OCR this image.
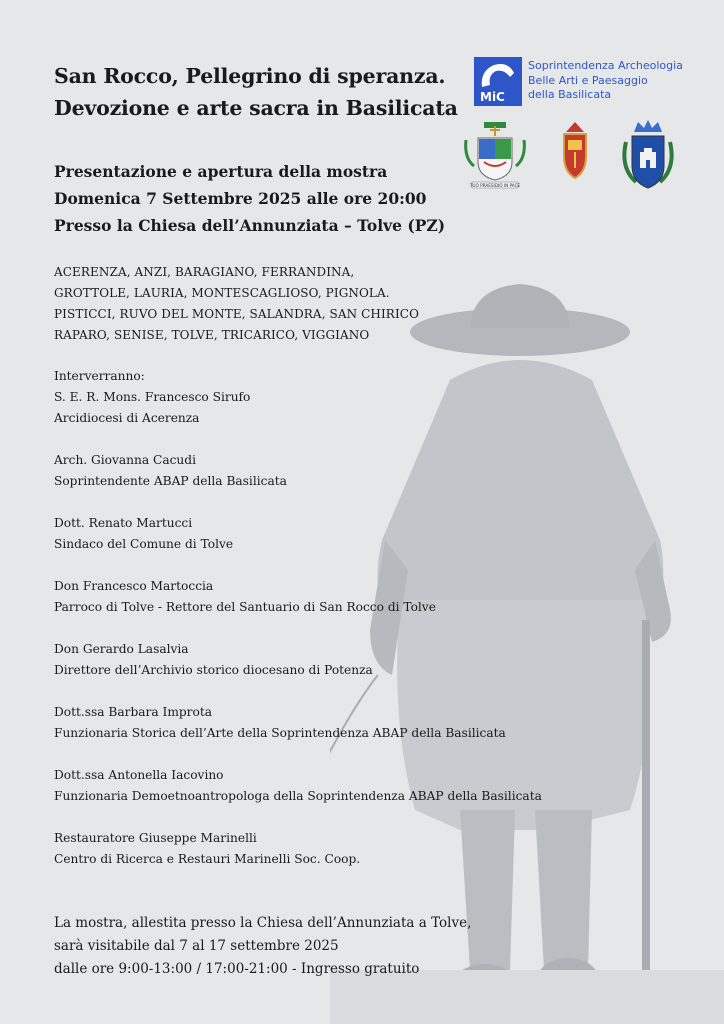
San Rocco, Pellegrino di speranza.
Devozione e arte sacra in Basilicata
Presentazione e apertura della mostra
Domenica 7 Settembre 2025 alle ore 20:00
Presso la Chiesa dell’Annunziata – Tolve (PZ)
ACERENZA, ANZI, BARAGIANO, FERRANDINA,
GROTTOLE, LAURIA, MONTESCAGLIOSO, PIGNOLA.
PISTICCI, RUVO DEL MONTE, SALANDRA, SAN CHIRICO
RAPARO, SENISE, TOLVE, TRICARICO, VIGGIANO
Interverranno:
S. E. R. Mons. Francesco Sirufo
Arcidiocesi di Acerenza
Arch. Giovanna Cacudi
Soprintendente ABAP della Basilicata
Dott. Renato Martucci
Sindaco del Comune di Tolve
Don Francesco Martoccia
Parroco di Tolve - Rettore del Santuario di San Rocco di Tolve
Don Gerardo Lasalvia
Direttore dell’Archivio storico diocesano di Potenza
Dott.ssa Barbara Improta
Funzionaria Storica dell’Arte della Soprintendenza ABAP della Basilicata
Dott.ssa Antonella Iacovino
Funzionaria Demoetnoantropologa della Soprintendenza ABAP della Basilicata
Restauratore Giuseppe Marinelli
Centro di Ricerca e Restauri Marinelli Soc. Coop.
La mostra, allestita presso la Chiesa dell’Annunziata a Tolve,
sarà visitabile dal 7 al 17 settembre 2025
dalle ore 9:00-13:00 / 17:00-21:00 - Ingresso gratuito
MiC
Soprintendenza Archeologia
Belle Arti e Paesaggio
della Basilicata
TUO PRAESIDIO IN PACE
